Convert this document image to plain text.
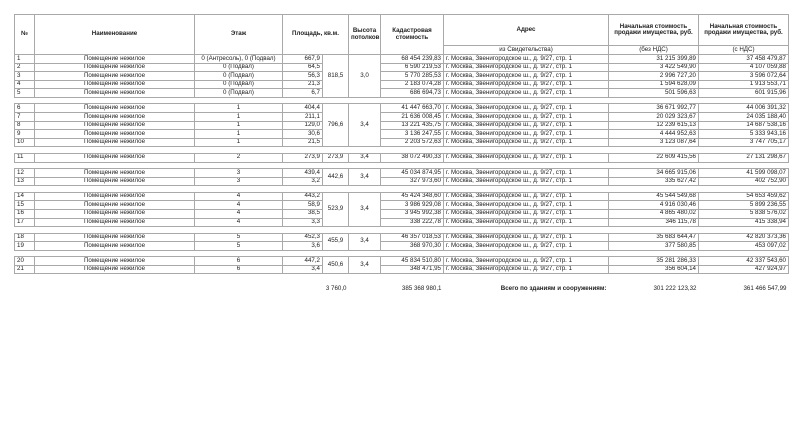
№	Наименование	Этаж	Площадь, кв.м.		Высота потолков	Кадастровая стоимость	Адрес	Начальная стоимость продажи имущества, руб.	Начальная стоимость продажи имущества, руб.
							из Свидетельства)	(без НДС)	(с НДС)
1	Помещение нежилое	0 (Антресоль), 0 (Подвал)	667,9	818,5	3,0	68 454 239,83	г. Москва, Звенигородское ш., д. 9/27, стр. 1	31 215 399,89	37 458 479,87
2	Помещение нежилое	0 (Подвал)	64,5			6 590 219,53	г. Москва, Звенигородское ш., д. 9/27, стр. 1	3 422 549,90	4 107 059,88
3	Помещение нежилое	0 (Подвал)	56,3			5 770 285,53	г. Москва, Звенигородское ш., д. 9/27, стр. 1	2 996 727,20	3 596 072,64
4	Помещение нежилое	0 (Подвал)	21,3			2 183 074,28	г. Москва, Звенигородское ш., д. 9/27, стр. 1	1 594 628,09	1 913 553,71
5	Помещение нежилое	0 (Подвал)	6,7			686 694,73	г. Москва, Звенигородское ш., д. 9/27, стр. 1	501 596,63	601 915,96

6	Помещение нежилое	1	404,4	796,6	3,4	41 447 663,70	г. Москва, Звенигородское ш., д. 9/27, стр. 1	36 671 992,77	44 006 391,32
7	Помещение нежилое	1	211,1			21 636 008,45	г. Москва, Звенигородское ш., д. 9/27, стр. 1	20 029 323,67	24 035 188,40
8	Помещение нежилое	1	129,0			13 221 435,75	г. Москва, Звенигородское ш., д. 9/27, стр. 1	12 239 615,13	14 687 538,16
9	Помещение нежилое	1	30,6			3 136 247,55	г. Москва, Звенигородское ш., д. 9/27, стр. 1	4 444 952,63	5 333 943,16
10	Помещение нежилое	1	21,5			2 203 572,63	г. Москва, Звенигородское ш., д. 9/27, стр. 1	3 123 087,64	3 747 705,17

11	Помещение нежилое	2	273,9	273,9	3,4	38 072 490,33	г. Москва, Звенигородское ш., д. 9/27, стр. 1	22 609 415,56	27 131 298,67

12	Помещение нежилое	3	439,4	442,6	3,4	45 034 874,95	г. Москва, Звенигородское ш., д. 9/27, стр. 1	34 665 915,06	41 599 098,07
13	Помещение нежилое	3	3,2			327 973,60	г. Москва, Звенигородское ш., д. 9/27, стр. 1	335 627,42	402 752,90

14	Помещение нежилое	4	443,2	523,9	3,4	45 424 348,60	г. Москва, Звенигородское ш., д. 9/27, стр. 1	45 544 549,68	54 653 459,62
15	Помещение нежилое	4	58,9			3 986 929,08	г. Москва, Звенигородское ш., д. 9/27, стр. 1	4 916 030,46	5 899 236,55
16	Помещение нежилое	4	38,5			3 945 992,38	г. Москва, Звенигородское ш., д. 9/27, стр. 1	4 865 480,02	5 838 576,02
17	Помещение нежилое	4	3,3			338 222,78	г. Москва, Звенигородское ш., д. 9/27, стр. 1	346 115,78	415 338,94

18	Помещение нежилое	5	452,3	455,9	3,4	46 357 018,53	г. Москва, Звенигородское ш., д. 9/27, стр. 1	35 683 644,47	42 820 373,36
19	Помещение нежилое	5	3,6			368 970,30	г. Москва, Звенигородское ш., д. 9/27, стр. 1	377 580,85	453 097,02

20	Помещение нежилое	6	447,2	450,6	3,4	45 834 510,80	г. Москва, Звенигородское ш., д. 9/27, стр. 1	35 281 286,33	42 337 543,60
21	Помещение нежилое	6	3,4			348 471,95	г. Москва, Звенигородское ш., д. 9/27, стр. 1	356 604,14	427 924,97

			3 760,0			385 368 980,1	Всего по зданиям и сооружениям:	301 222 123,32	361 466 547,99
